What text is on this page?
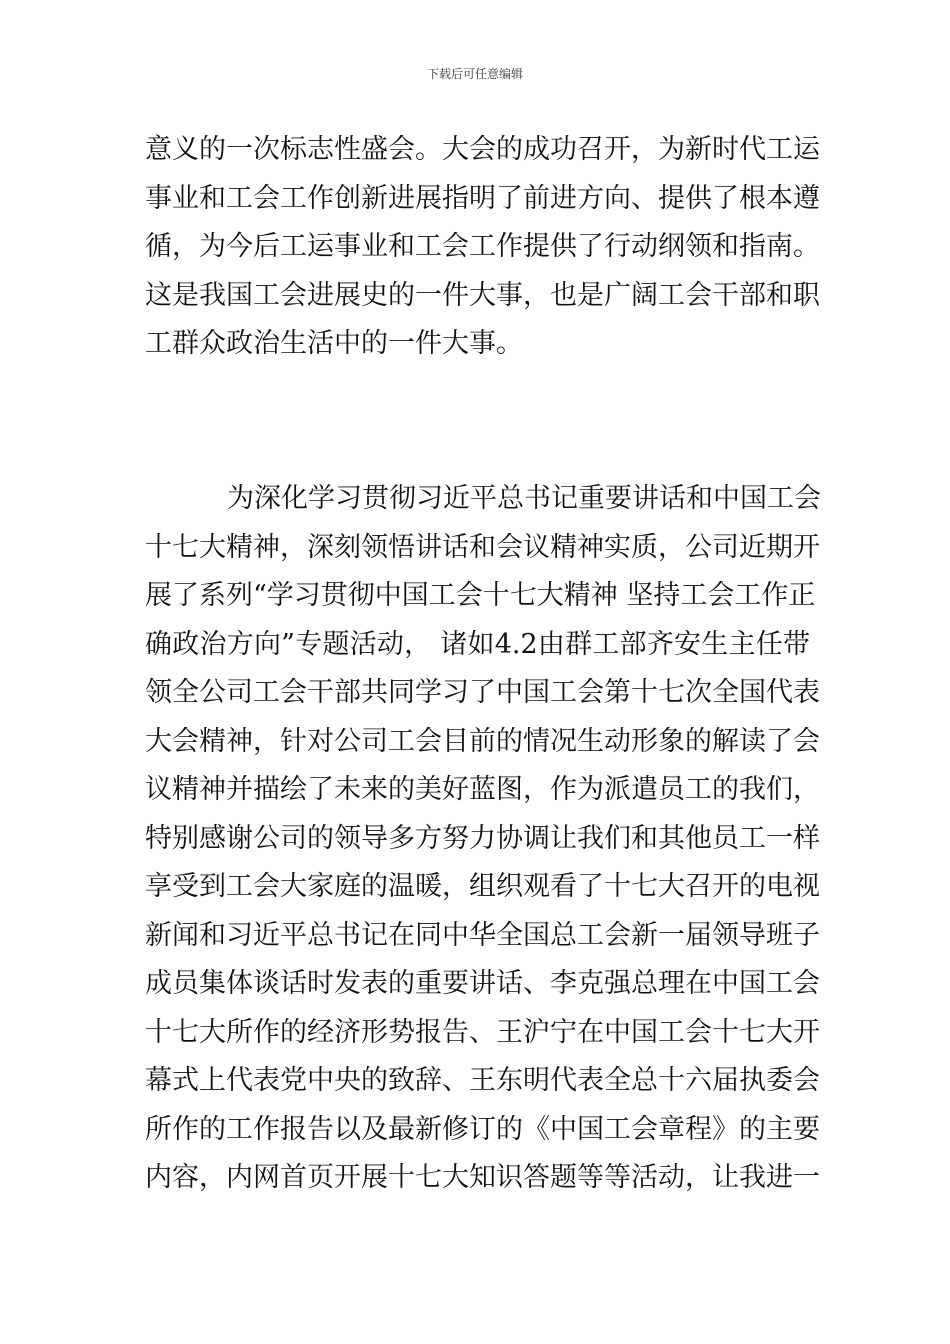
下载后可任意编辑
意义的一次标志性盛会。大会的成功召开，为新时代工运
事业和工会工作创新进展指明了前进方向、提供了根本遵
循，为今后工运事业和工会工作提供了行动纲领和指南。
这是我国工会进展史的一件大事，也是广阔工会干部和职
工群众政治生活中的一件大事。
为深化学习贯彻习近平总书记重要讲话和中国工会
十七大精神，深刻领悟讲话和会议精神实质，公司近期开
展了系列“学习贯彻中国工会十七大精神 坚持工会工作正
确政治方向”专题活动， 诸如4.2由群工部齐安生主任带
领全公司工会干部共同学习了中国工会第十七次全国代表
大会精神，针对公司工会目前的情况生动形象的解读了会
议精神并描绘了未来的美好蓝图，作为派遣员工的我们，
特别感谢公司的领导多方努力协调让我们和其他员工一样
享受到工会大家庭的温暖，组织观看了十七大召开的电视
新闻和习近平总书记在同中华全国总工会新一届领导班子
成员集体谈话时发表的重要讲话、李克强总理在中国工会
十七大所作的经济形势报告、王沪宁在中国工会十七大开
幕式上代表党中央的致辞、王东明代表全总十六届执委会
所作的工作报告以及最新修订的《中国工会章程》的主要
内容，内网首页开展十七大知识答题等等活动，让我进一
